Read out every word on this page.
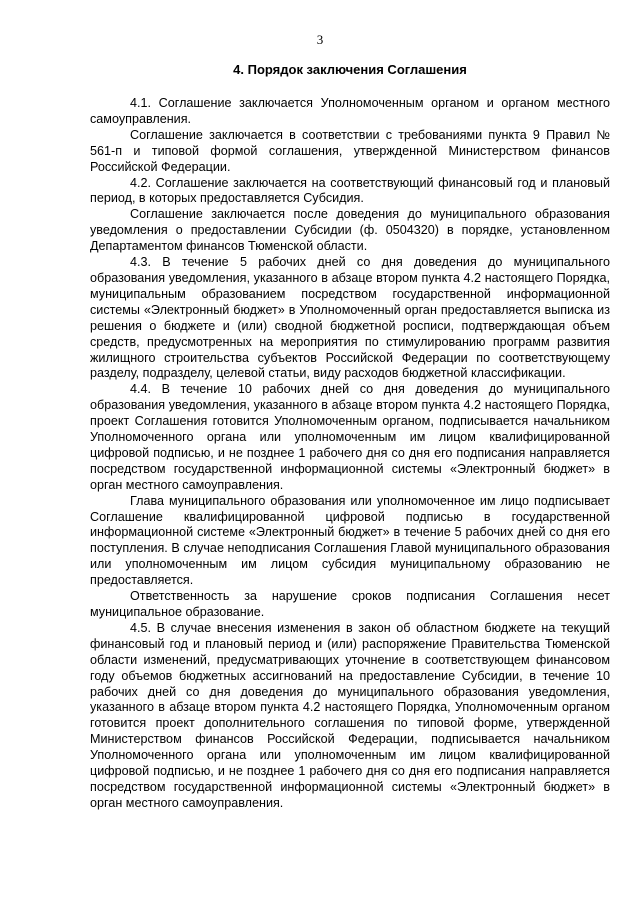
3
4. Порядок заключения Соглашения

4.1. Соглашение заключается Уполномоченным органом и органом местного самоуправления.

Соглашение заключается в соответствии с требованиями пункта 9 Правил № 561-п и типовой формой соглашения, утвержденной Министерством финансов Российской Федерации.

4.2. Соглашение заключается на соответствующий финансовый год и плановый период, в которых предоставляется Субсидия.

Соглашение заключается после доведения до муниципального образования уведомления о предоставлении Субсидии (ф. 0504320) в порядке, установленном Департаментом финансов Тюменской области.

4.3. В течение 5 рабочих дней со дня доведения до муниципального образования уведомления, указанного в абзаце втором пункта 4.2 настоящего Порядка, муниципальным образованием посредством государственной информационной системы «Электронный бюджет» в Уполномоченный орган предоставляется выписка из решения о бюджете и (или) сводной бюджетной росписи, подтверждающая объем средств, предусмотренных на мероприятия по стимулированию программ развития жилищного строительства субъектов Российской Федерации по соответствующему разделу, подразделу, целевой статьи, виду расходов бюджетной классификации.

4.4. В течение 10 рабочих дней со дня доведения до муниципального образования уведомления, указанного в абзаце втором пункта 4.2 настоящего Порядка, проект Соглашения готовится Уполномоченным органом, подписывается начальником Уполномоченного органа или уполномоченным им лицом квалифицированной цифровой подписью, и не позднее 1 рабочего дня со дня его подписания направляется посредством государственной информационной системы «Электронный бюджет» в орган местного самоуправления.

Глава муниципального образования или уполномоченное им лицо подписывает Соглашение квалифицированной цифровой подписью в государственной информационной системе «Электронный бюджет» в течение 5 рабочих дней со дня его поступления. В случае неподписания Соглашения Главой муниципального образования или уполномоченным им лицом субсидия муниципальному образованию не предоставляется.

Ответственность за нарушение сроков подписания Соглашения несет муниципальное образование.

4.5. В случае внесения изменения в закон об областном бюджете на текущий финансовый год и плановый период и (или) распоряжение Правительства Тюменской области изменений, предусматривающих уточнение в соответствующем финансовом году объемов бюджетных ассигнований на предоставление Субсидии, в течение 10 рабочих дней со дня доведения до муниципального образования уведомления, указанного в абзаце втором пункта 4.2 настоящего Порядка, Уполномоченным органом готовится проект дополнительного соглашения по типовой форме, утвержденной Министерством финансов Российской Федерации, подписывается начальником Уполномоченного органа или уполномоченным им лицом квалифицированной цифровой подписью, и не позднее 1 рабочего дня со дня его подписания направляется посредством государственной информационной системы «Электронный бюджет» в орган местного самоуправления.
